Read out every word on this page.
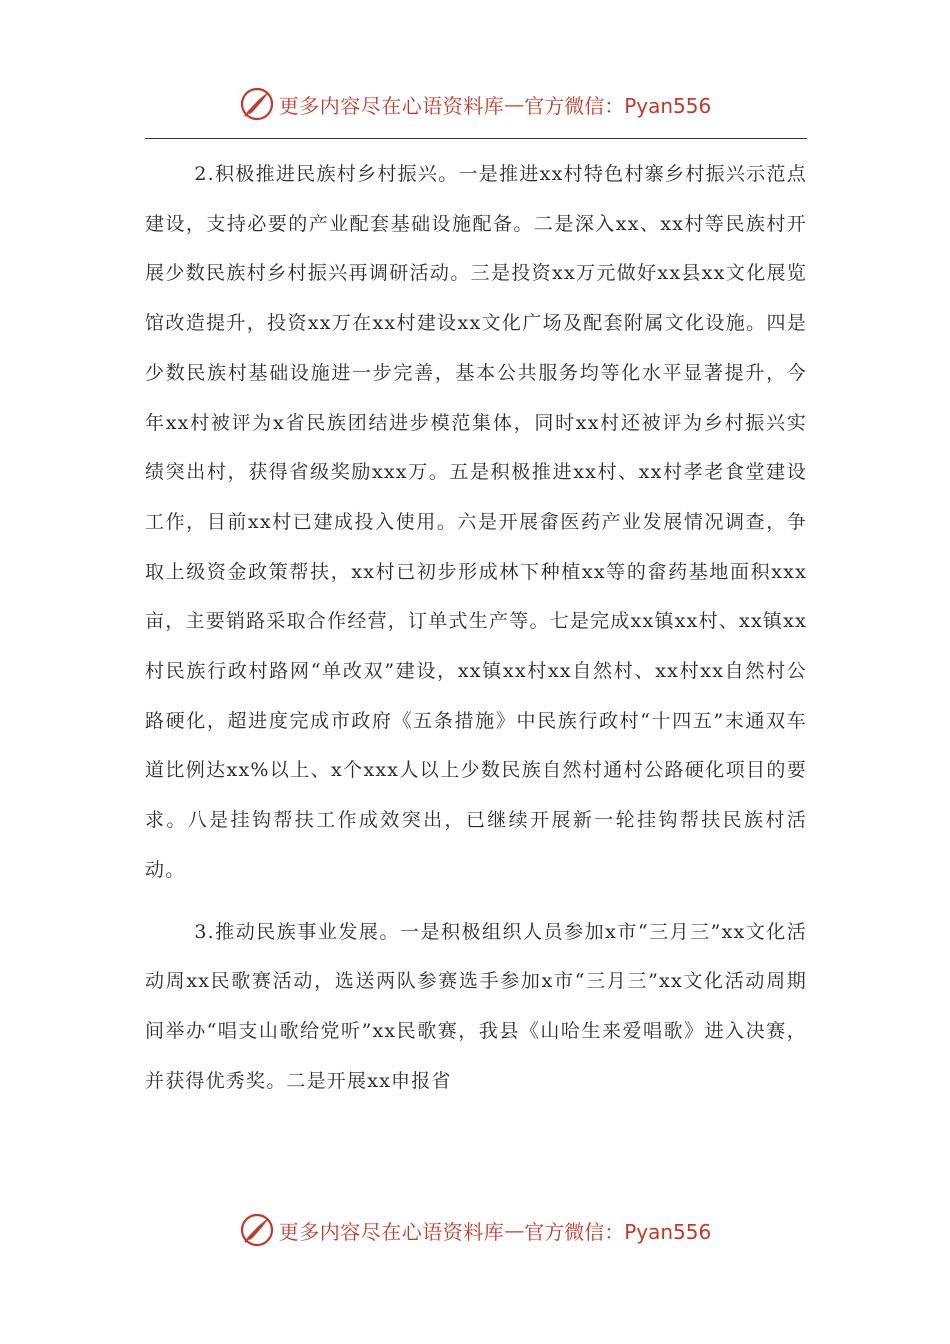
更多内容尽在心语资料库 — 官方微信：Pyan556

2.积极推进民族村乡村振兴。一是推进xx村特色村寨乡村振兴示范点建设，支持必要的产业配套基础设施配备。二是深入xx、xx村等民族村开展少数民族村乡村振兴再调研活动。三是投资xx万元做好xx县xx文化展览馆改造提升，投资xx万在xx村建设xx文化广场及配套附属文化设施。四是少数民族村基础设施进一步完善，基本公共服务均等化水平显著提升，今年xx村被评为x省民族团结进步模范集体，同时xx村还被评为乡村振兴实绩突出村，获得省级奖励xxx万。五是积极推进xx村、xx村孝老食堂建设工作，目前xx村已建成投入使用。六是开展畲医药产业发展情况调查，争取上级资金政策帮扶，xx村已初步形成林下种植xx等的畲药基地面积xxx亩，主要销路采取合作经营，订单式生产等。七是完成xx镇xx村、xx镇xx村民族行政村路网“单改双”建设，xx镇xx村xx自然村、xx村xx自然村公路硬化，超进度完成市政府《五条措施》中民族行政村“十四五”末通双车道比例达xx%以上、x个xxx人以上少数民族自然村通村公路硬化项目的要求。八是挂钩帮扶工作成效突出，已继续开展新一轮挂钩帮扶民族村活动。

3.推动民族事业发展。一是积极组织人员参加x市“三月三”xx文化活动周xx民歌赛活动，选送两队参赛选手参加x市“三月三”xx文化活动周期间举办“唱支山歌给党听”xx民歌赛，我县《山哈生来爱唱歌》进入决赛，并获得优秀奖。二是开展xx申报省

更多内容尽在心语资料库 — 官方微信：Pyan556
